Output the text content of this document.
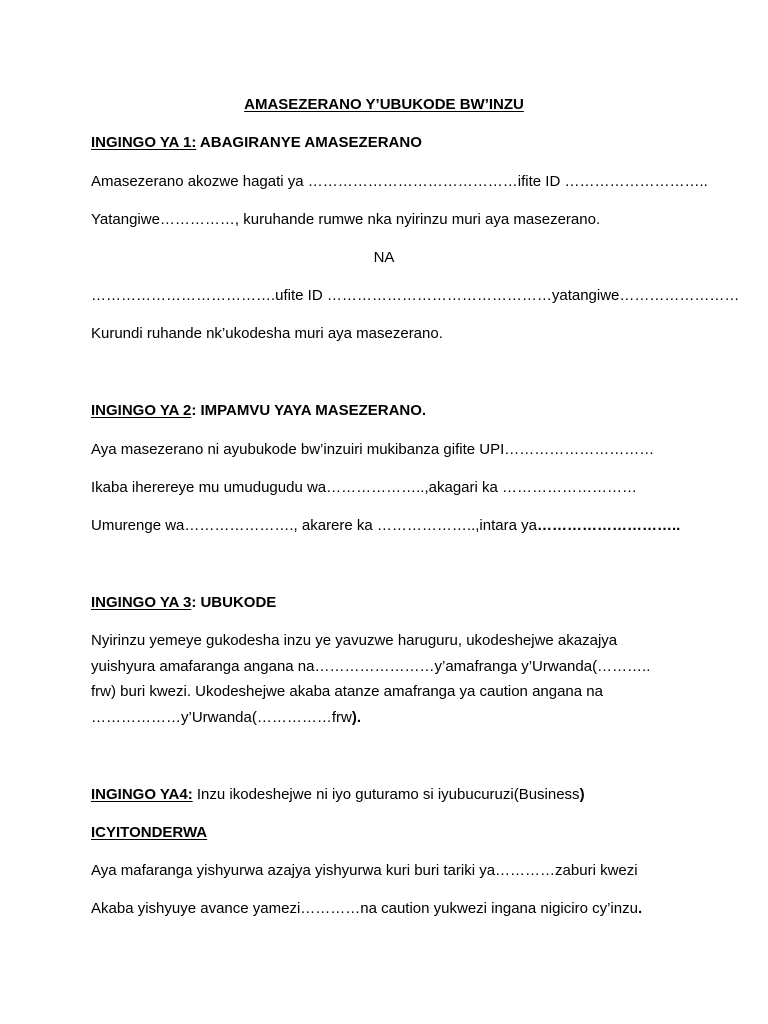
AMASEZERANO Y’UBUKODE BW’INZU

INGINGO YA 1: ABAGIRANYE AMASEZERANO

Amasezerano akozwe hagati ya ……………………………………ifite ID ………………………..

Yatangiwe……………, kuruhande rumwe nka nyirinzu muri aya masezerano.

NA

……………………………….ufite ID ………………………………………yatangiwe……………………

Kurundi ruhande nk’ukodesha muri aya masezerano.

INGINGO YA 2: IMPAMVU YAYA MASEZERANO.

Aya masezerano ni ayubukode bw’inzuiri mukibanza gifite UPI…………………………

Ikaba iherereye mu umudugudu wa………………..,akagari ka ………………………

Umurenge wa…………………., akarere ka ………………..,intara ya………………………..

INGINGO YA 3: UBUKODE

Nyirinzu yemeye gukodesha inzu ye yavuzwe haruguru, ukodeshejwe akazajya

yuishyura amafaranga angana na……………………y’amafranga y’Urwanda(………..

frw) buri kwezi. Ukodeshejwe akaba atanze amafranga ya caution angana na

………………y’Urwanda(……………frw).

INGINGO YA4: Inzu ikodeshejwe ni iyo guturamo si iyubucuruzi(Business)

ICYITONDERWA

Aya mafaranga yishyurwa azajya yishyurwa kuri buri tariki ya…………zaburi kwezi

Akaba yishyuye avance yamezi…………na caution yukwezi ingana nigiciro cy’inzu.
